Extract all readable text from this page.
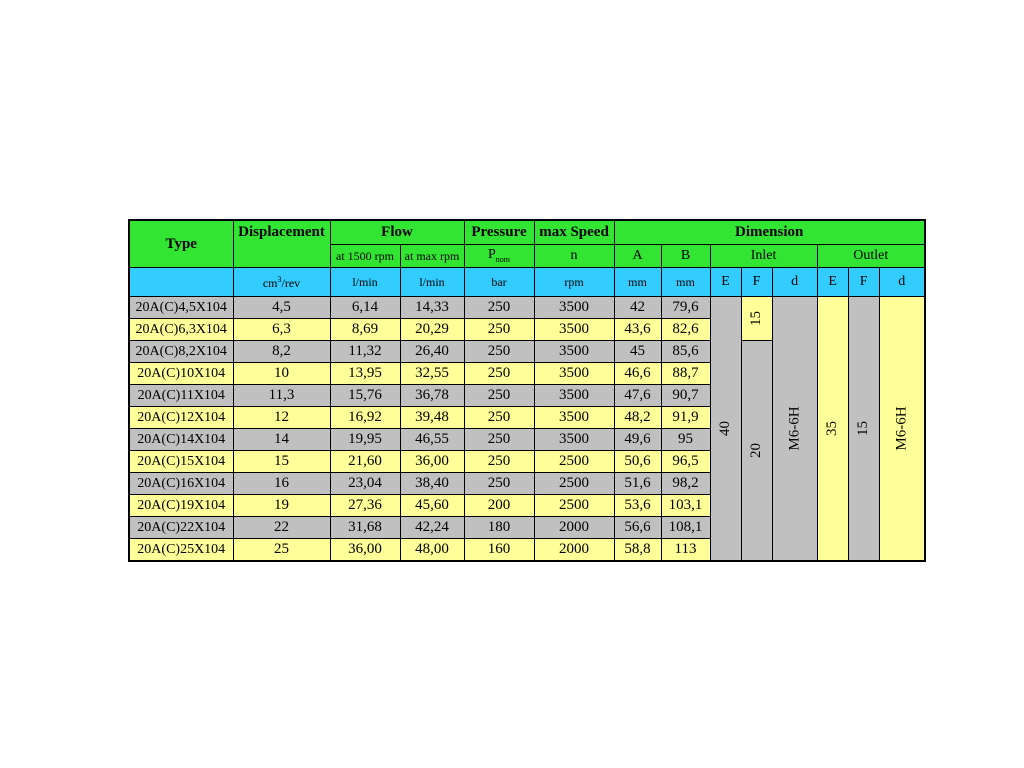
Type	Displacement	Flow		Pressure	max Speed	Dimension							
		at 1500 rpm	at max rpm	$P_{nom}$	n	A	B	Inlet			Outlet		
	$cm^3$/rev	l/min	l/min	bar	rpm	mm	mm	E	F	d	E	F	d
20A(C)4,5X104	4,5	6,14	14,33	250	3500	42	79,6	40	15	M6-6H	35	15	M6-6H
20A(C)6,3X104	6,3	8,69	20,29	250	3500	43,6	82,6						
20A(C)8,2X104	8,2	11,32	26,40	250	3500	45	85,6		20				
20A(C)10X104	10	13,95	32,55	250	3500	46,6	88,7						
20A(C)11X104	11,3	15,76	36,78	250	3500	47,6	90,7						
20A(C)12X104	12	16,92	39,48	250	3500	48,2	91,9						
20A(C)14X104	14	19,95	46,55	250	3500	49,6	95						
20A(C)15X104	15	21,60	36,00	250	2500	50,6	96,5						
20A(C)16X104	16	23,04	38,40	250	2500	51,6	98,2						
20A(C)19X104	19	27,36	45,60	200	2500	53,6	103,1						
20A(C)22X104	22	31,68	42,24	180	2000	56,6	108,1						
20A(C)25X104	25	36,00	48,00	160	2000	58,8	113						
